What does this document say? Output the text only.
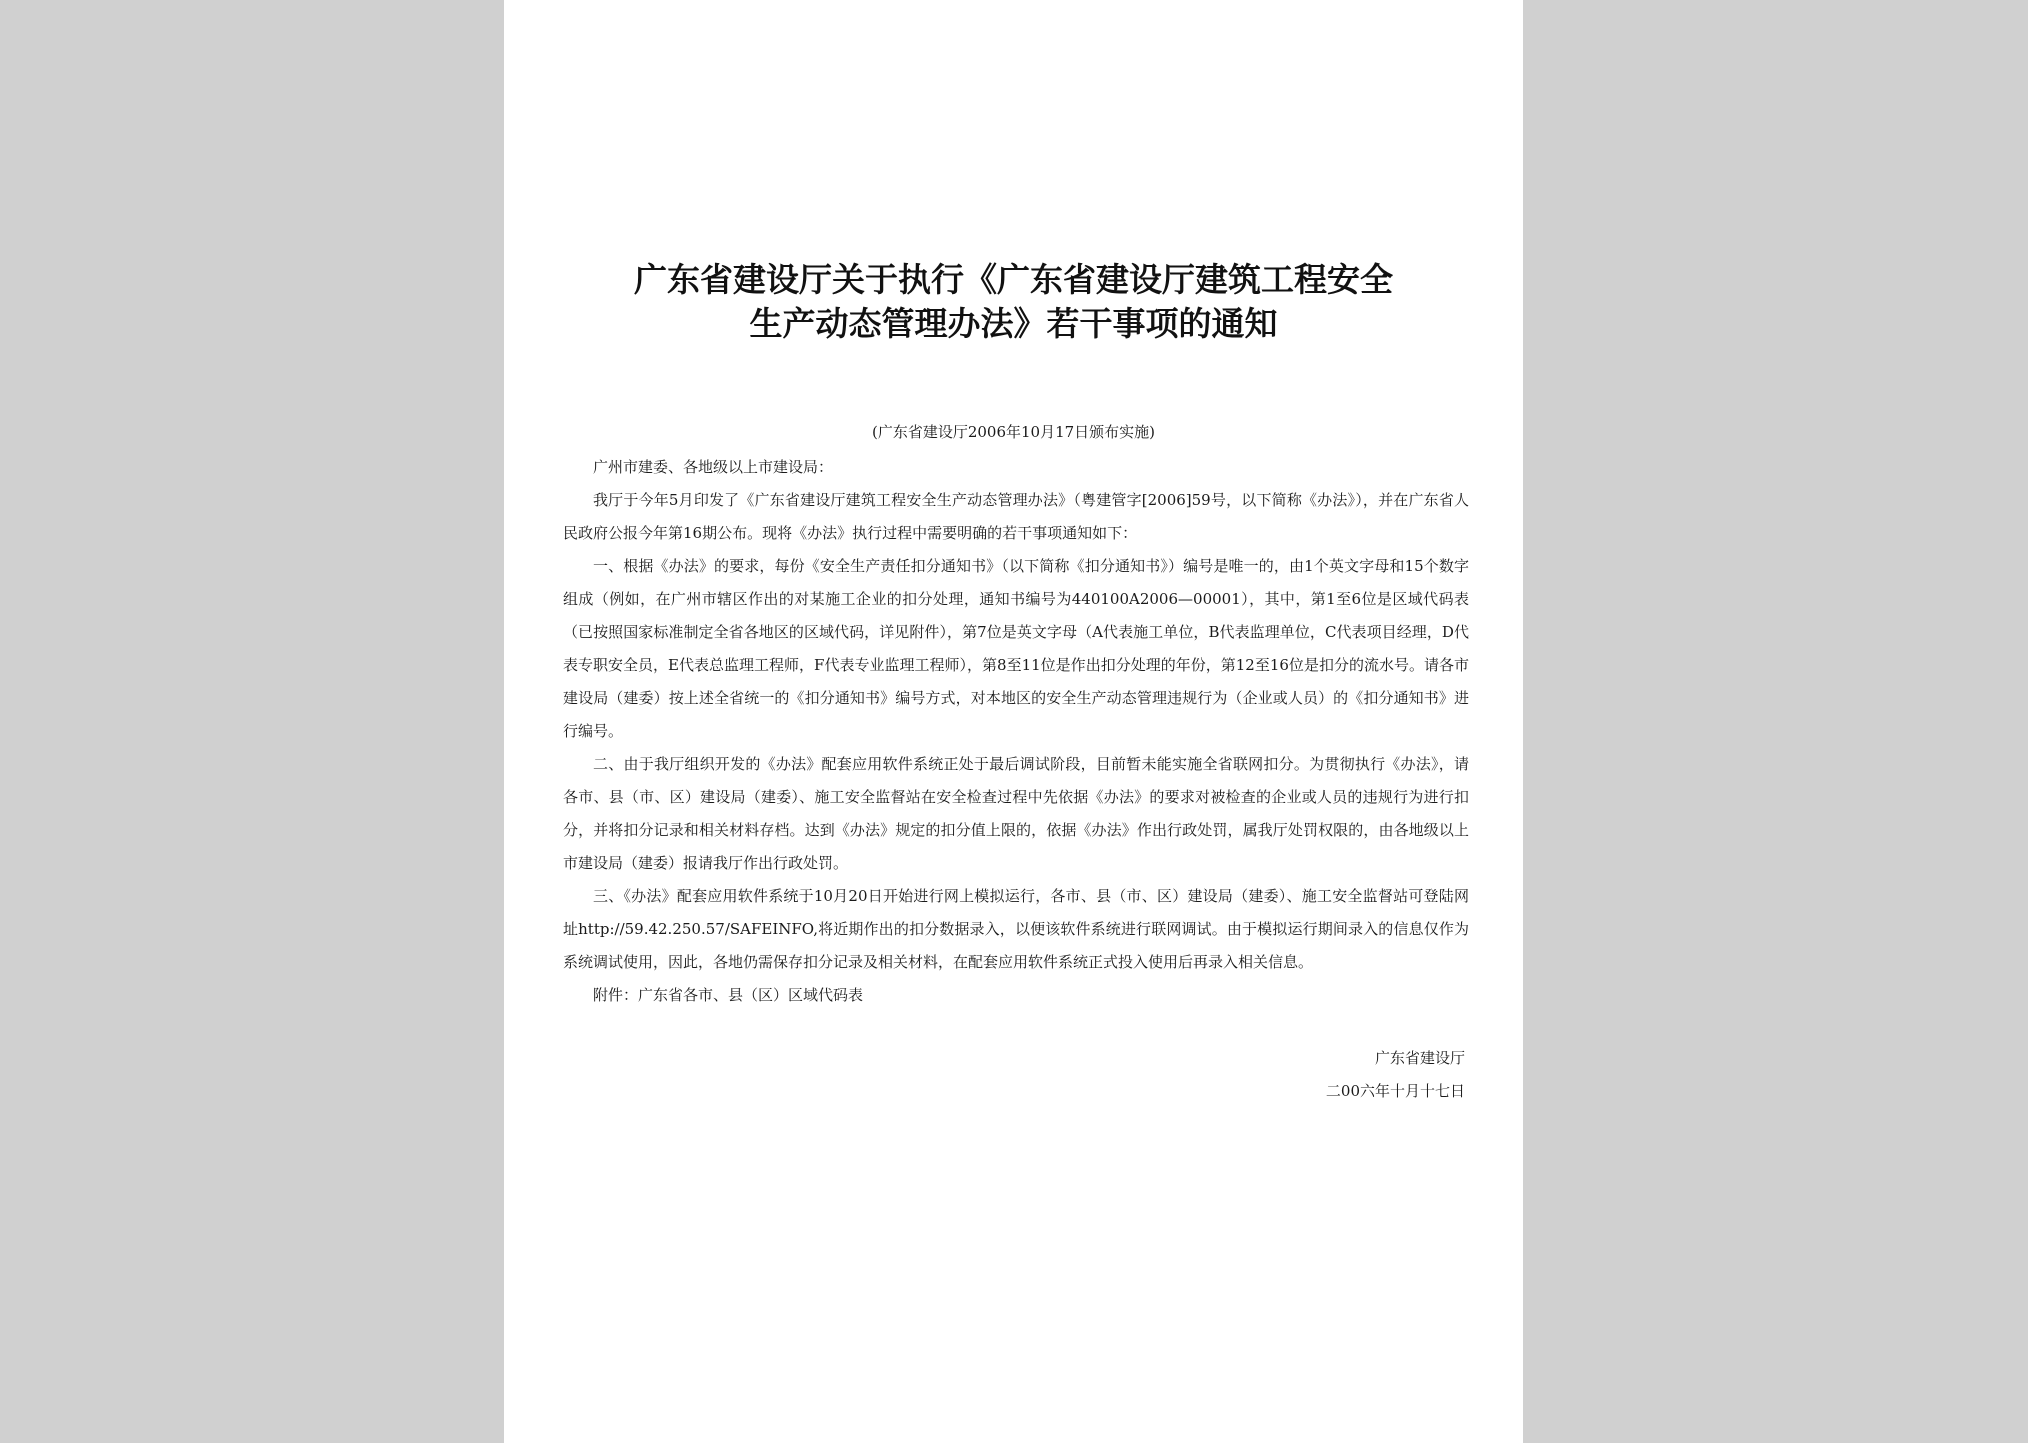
广东省建设厅关于执行《广东省建设厅建筑工程安全
生产动态管理办法》若干事项的通知
(广东省建设厅2006年10月17日颁布实施)

广州市建委、各地级以上市建设局：

我厅于今年5月印发了《广东省建设厅建筑工程安全生产动态管理办法》（粤建管字[2006]59号，以下简称《办法》），并在广东省人民政府公报今年第16期公布。现将《办法》执行过程中需要明确的若干事项通知如下：

一、根据《办法》的要求，每份《安全生产责任扣分通知书》（以下简称《扣分通知书》）编号是唯一的，由1个英文字母和15个数字组成（例如，在广州市辖区作出的对某施工企业的扣分处理，通知书编号为440100A2006—00001），其中，第1至6位是区域代码表（已按照国家标准制定全省各地区的区域代码，详见附件），第7位是英文字母（A代表施工单位，B代表监理单位，C代表项目经理，D代表专职安全员，E代表总监理工程师，F代表专业监理工程师），第8至11位是作出扣分处理的年份，第12至16位是扣分的流水号。请各市建设局（建委）按上述全省统一的《扣分通知书》编号方式，对本地区的安全生产动态管理违规行为（企业或人员）的《扣分通知书》进行编号。

二、由于我厅组织开发的《办法》配套应用软件系统正处于最后调试阶段，目前暂未能实施全省联网扣分。为贯彻执行《办法》，请各市、县（市、区）建设局（建委）、施工安全监督站在安全检查过程中先依据《办法》的要求对被检查的企业或人员的违规行为进行扣分，并将扣分记录和相关材料存档。达到《办法》规定的扣分值上限的，依据《办法》作出行政处罚，属我厅处罚权限的，由各地级以上市建设局（建委）报请我厅作出行政处罚。

三、《办法》配套应用软件系统于10月20日开始进行网上模拟运行，各市、县（市、区）建设局（建委）、施工安全监督站可登陆网址http://59.42.250.57/SAFEINFO,将近期作出的扣分数据录入，以便该软件系统进行联网调试。由于模拟运行期间录入的信息仅作为系统调试使用，因此，各地仍需保存扣分记录及相关材料，在配套应用软件系统正式投入使用后再录入相关信息。

附件：广东省各市、县（区）区域代码表

广东省建设厅
二00六年十月十七日
